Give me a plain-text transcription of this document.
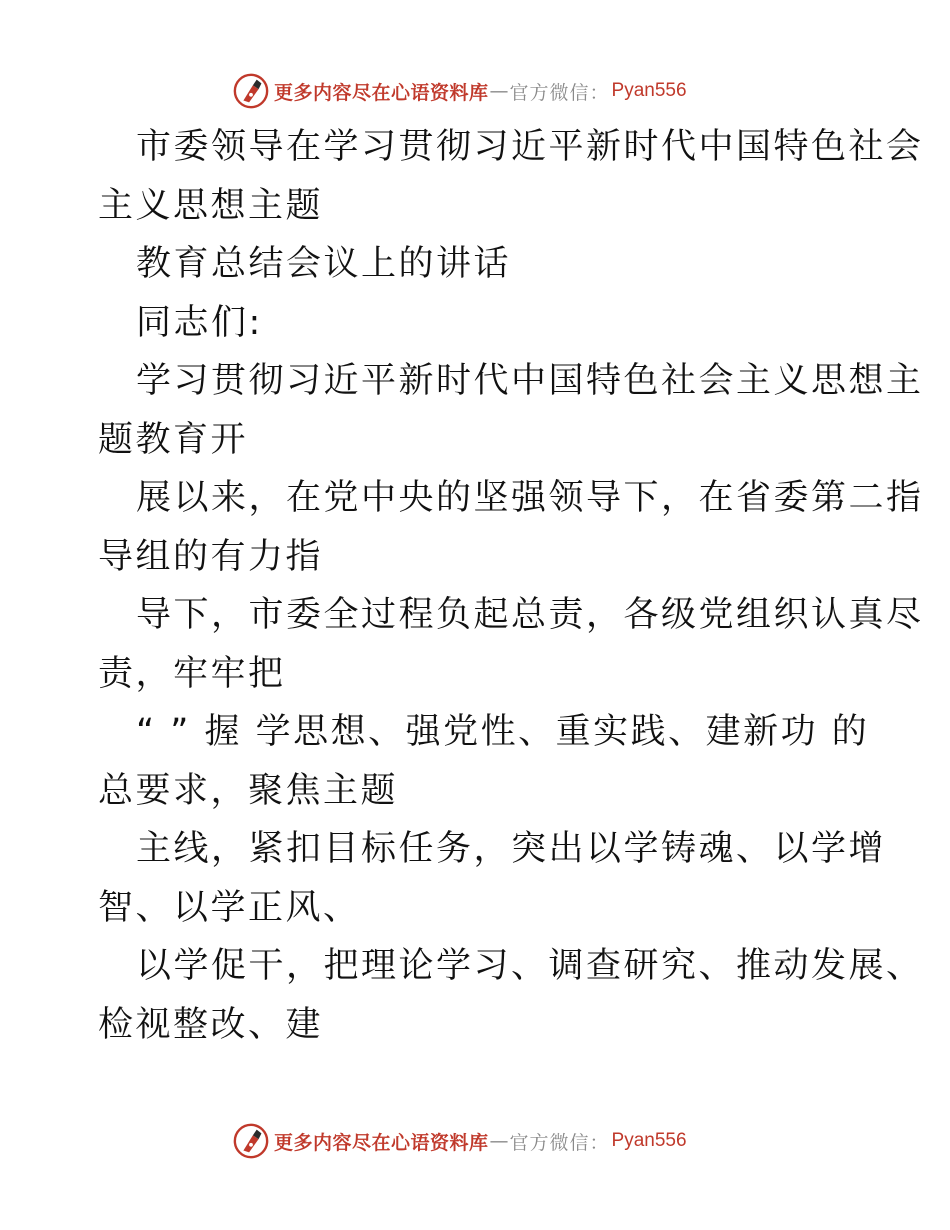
更多内容尽在心语资料库 — 官方微信： Pyan556
市委领导在学习贯彻习近平新时代中国特色社会
主义思想主题
教育总结会议上的讲话
同志们:
学习贯彻习近平新时代中国特色社会主义思想主
题教育开
展以来，在党中央的坚强领导下，在省委第二指
导组的有力指
导下，市委全过程负起总责，各级党组织认真尽
责，牢牢把
“ ” 握 学思想、强党性、重实践、建新功 的
总要求，聚焦主题
主线，紧扣目标任务，突出以学铸魂、以学增
智、以学正风、
以学促干，把理论学习、调查研究、推动发展、
检视整改、建
更多内容尽在心语资料库 — 官方微信： Pyan556
